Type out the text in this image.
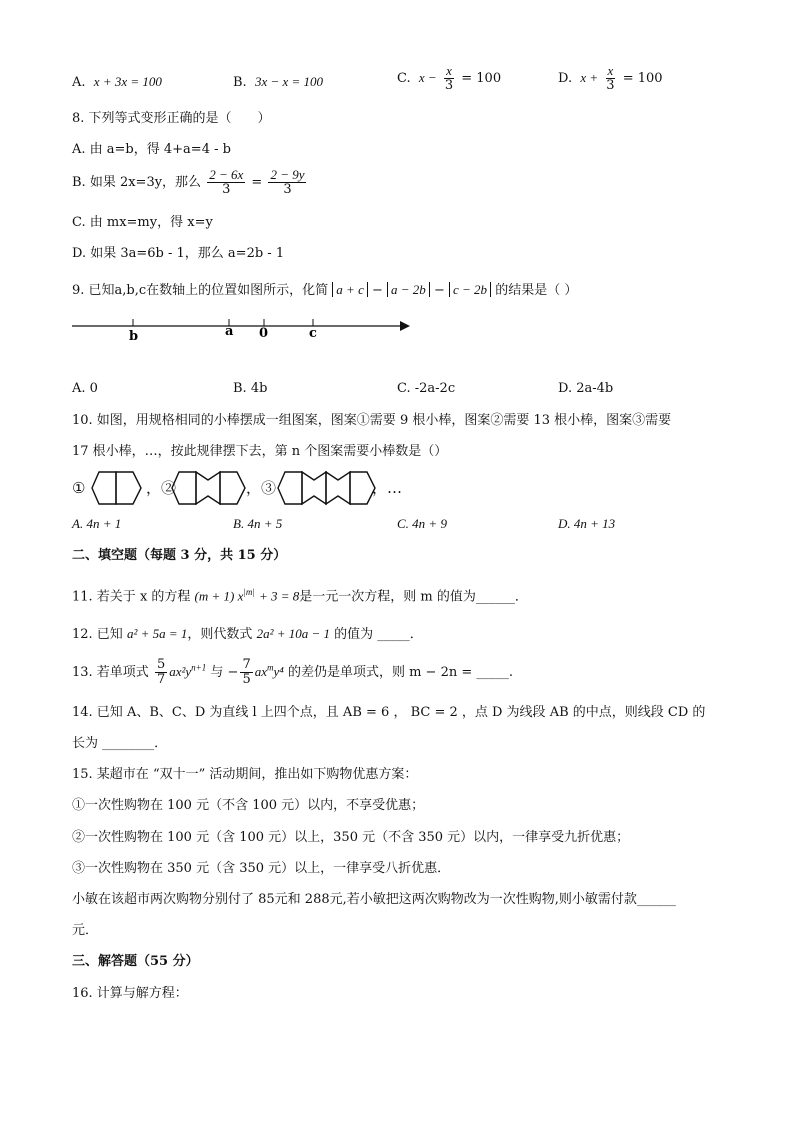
A. x + 3x = 100	B. 3x − x = 100	C. $x - \frac{x}{3} = 100$	D. $x + \frac{x}{3} = 100$
8. 下列等式变形正确的是（　　）
A. 由 a=b，得 4+a=4 - b
B. 如果 2x=3y，那么 $\frac{2 - 6x}{3} = \frac{2 - 9y}{3}$
C. 由 mx=my，得 x=y
D. 如果 3a=6b - 1，那么 a=2b - 1
9. 已知a,b,c在数轴上的位置如图所示，化简 a + c − a − 2b − c − 2b 的结果是（ ）
b	a 0	c
A. 0	B. 4b	C. -2a-2c	D. 2a-4b
10. 如图，用规格相同的小棒摆成一组图案，图案①需要 9 根小棒，图案②需要 13 根小棒，图案③需要
17 根小棒，…，按此规律摆下去，第 n 个图案需要小棒数是（）
①	，②	，③	，…
A. 4n + 1	B. 4n + 5	C. 4n + 9	D. 4n + 13
二、填空题（每题 3 分，共 15 分）
11. 若关于 x 的方程 (m + 1) $x^{|m|} + 3 = 8$是一元一次方程，则 m 的值为______．
12. 已知 a² + 5a = 1，则代数式 2a² + 10a − 1 的值为 _____．
13. 若单项式 $\frac{5}{7} ax^2y^{n+1}$ 与 − $\frac{7}{5} ax^my^4$ 的差仍是单项式，则 m − 2n = _____.
14. 已知 A、B、C、D 为直线 l 上四个点，且 AB = 6 ， BC = 2 ，点 D 为线段 AB 的中点，则线段 CD 的
长为 ________．
15. 某超市在 “双十一” 活动期间，推出如下购物优惠方案：
①一次性购物在 100 元（不含 100 元）以内，不享受优惠；
②一次性购物在 100 元（含 100 元）以上，350 元（不含 350 元）以内，一律享受九折优惠；
③一次性购物在 350 元（含 350 元）以上，一律享受八折优惠．
小敏在该超市两次购物分别付了 85元和 288元,若小敏把这两次购物改为一次性购物,则小敏需付款______
元．
三、解答题（55 分）
16. 计算与解方程：
